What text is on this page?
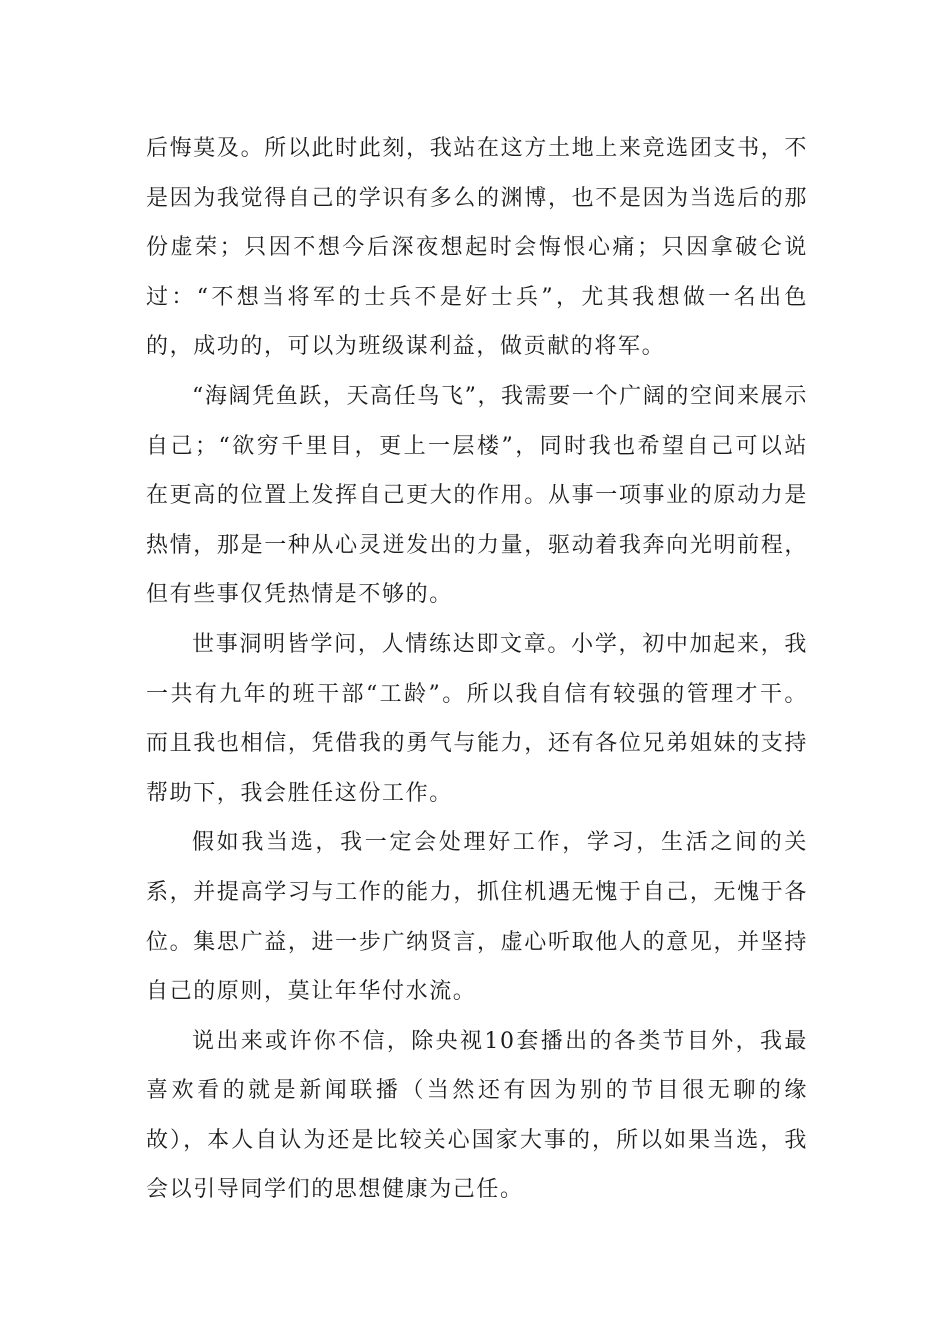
后悔莫及。所以此时此刻，我站在这方土地上来竞选团支书，不是因为我觉得自己的学识有多么的渊博，也不是因为当选后的那份虚荣；只因不想今后深夜想起时会悔恨心痛；只因拿破仑说过：“不想当将军的士兵不是好士兵”，尤其我想做一名出色的，成功的，可以为班级谋利益，做贡献的将军。

“海阔凭鱼跃，天高任鸟飞”，我需要一个广阔的空间来展示自己；“欲穷千里目，更上一层楼”，同时我也希望自己可以站在更高的位置上发挥自己更大的作用。从事一项事业的原动力是热情，那是一种从心灵迸发出的力量，驱动着我奔向光明前程，但有些事仅凭热情是不够的。

世事洞明皆学问，人情练达即文章。小学，初中加起来，我一共有九年的班干部“工龄”。所以我自信有较强的管理才干。而且我也相信，凭借我的勇气与能力，还有各位兄弟姐妹的支持帮助下，我会胜任这份工作。

假如我当选，我一定会处理好工作，学习，生活之间的关系，并提高学习与工作的能力，抓住机遇无愧于自己，无愧于各位。集思广益，进一步广纳贤言，虚心听取他人的意见，并坚持自己的原则，莫让年华付水流。

说出来或许你不信，除央视10套播出的各类节目外，我最喜欢看的就是新闻联播（当然还有因为别的节目很无聊的缘故），本人自认为还是比较关心国家大事的，所以如果当选，我会以引导同学们的思想健康为己任。
